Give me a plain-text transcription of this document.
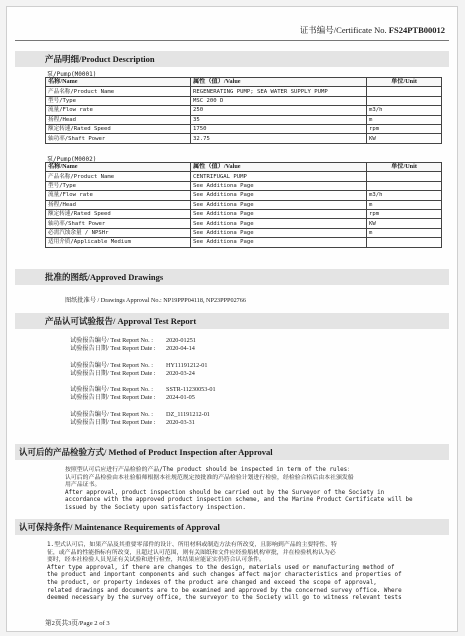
证书编号/Certificate No. FS24PTB00012
产品明细/Product Description
泵/Pump(M0001)
名称/Name	属性（值）/Value	单位/Unit
产品名称/Product Name	REGENERATING PUMP; SEA WATER SUPPLY PUMP	
型号/Type	MSC 200 D	
流量/Flow rate	250	m3/h
扬程/Head	35	m
额定转速/Rated Speed	1750	rpm
轴功率/Shaft Power	32.75	KW
泵/Pump(M0002)
名称/Name	属性（值）/Value	单位/Unit
产品名称/Product Name	CENTRIFUGAL PUMP	
型号/Type	See Additiona Page	
流量/Flow rate	See Additiona Page	m3/h
扬程/Head	See Additiona Page	m
额定转速/Rated Speed	See Additiona Page	rpm
轴功率/Shaft Power	See Additiona Page	KW
必需汽蚀余量 / NPSHr	See Additiona Page	m
适用介质/Applicable Medium	See Additiona Page	
批准的图纸/Approved Drawings
图纸批准号 / Drawings Approval No.: NP19PPP04118, NP23PPP02766
产品认可试验报告/ Approval Test Report
试验报告编号/ Test Report No. : 2020-01251
试验报告日期/ Test Report Date : 2020-04-14
试验报告编号/ Test Report No. : HY11191212-01
试验报告日期/ Test Report Date : 2020-03-24
试验报告编号/ Test Report No. : SSTR-11230053-01
试验报告日期/ Test Report Date : 2024-01-05
试验报告编号/ Test Report No. : DZ_11191212-01
试验报告日期/ Test Report Date : 2020-03-31
认可后的产品检验方式/ Method of Product Inspection after Approval

按照型认可后应进行产品检验的产品/The product should be inspected in term of the rules：

认可后的产品检验由本社验船师根据本社规范规定按批准的产品检验计划进行检验，经检验合格后由本社颁发船

用产品证书。

After approval, product inspection should be carried out by the Surveyor of the Society in

accordance with the approved product inspection scheme, and the Marine Product Certificate will be

issued by the Society upon satisfactory inspection.

认可保持条件/ Maintenance Requirements of Approval

1.型式认可后，如果产品及其重要零部件的设计、所用材料或制造方法有所改变，且影响到产品的主要特性、特

征，或产品的性能指标有所改变，且超过认可范围，则有关图纸和文件应经验船机构审批，并在检验机构认为必

要时，经本社检验人员见证有关试验和进行检查，其结果应能证实仍符合认可条件。

After type approval, if there are changes to the design, materials used or manufacturing method of

the product and important components and such changes affect major characteristics and properties of

the product, or property indexes of the product are changed and exceed the scope of approval,

related drawings and documents are to be examined and approved by the concerned survey office. Where

deemed necessary by the survey office, the surveyor to the Society will go to witness relevant tests

第2页共3页/Page 2 of 3
